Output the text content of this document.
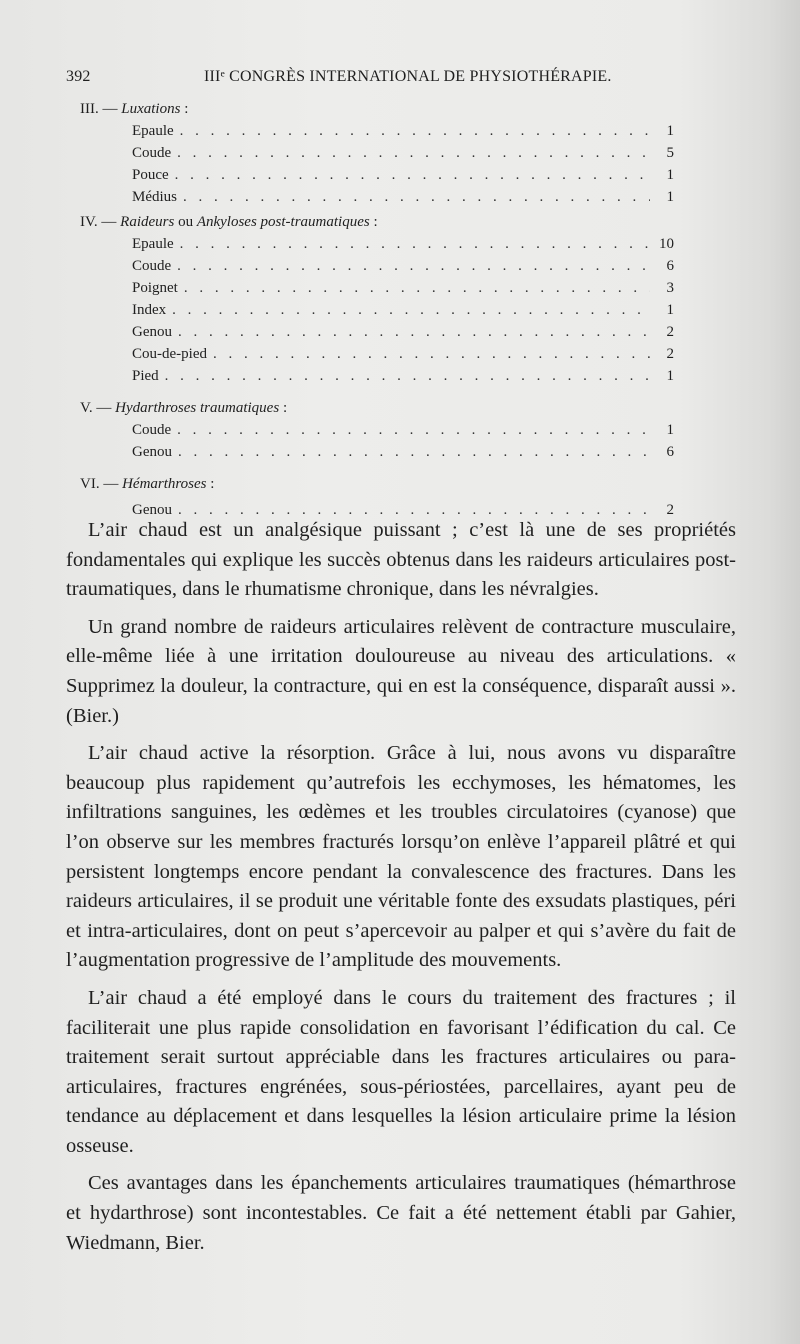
392	IIIᵉ CONGRÈS INTERNATIONAL DE PHYSIOTHÉRAPIE.
III. — Luxations :
Epaule . . .	1
Coude . . .	5
Pouce . . .	1
Médius . . .	1
IV. — Raideurs ou Ankyloses post-traumatiques :
Epaule . . .	10
Coude . . .	6
Poignet . . .	3
Index . . .	1
Genou . . .	2
Cou-de-pied . . .	2
Pied . . .	1
V. — Hydarthroses traumatiques :
Coude . . .	1
Genou . . .	6
VI. — Hémarthroses :
Genou . . .	2

L’air chaud est un analgésique puissant ; c’est là une de ses propriétés fondamentales qui explique les succès obtenus dans les raideurs articulaires post-traumatiques, dans le rhumatisme chronique, dans les névralgies.

Un grand nombre de raideurs articulaires relèvent de contracture musculaire, elle-même liée à une irritation douloureuse au niveau des articulations. « Supprimez la douleur, la contracture, qui en est la conséquence, disparaît aussi ». (Bier.)

L’air chaud active la résorption. Grâce à lui, nous avons vu disparaître beaucoup plus rapidement qu’autrefois les ecchymoses, les hématomes, les infiltrations sanguines, les œdèmes et les troubles circulatoires (cyanose) que l’on observe sur les membres fracturés lorsqu’on enlève l’appareil plâtré et qui persistent longtemps encore pendant la convalescence des fractures. Dans les raideurs articulaires, il se produit une véritable fonte des exsudats plastiques, péri et intra-articulaires, dont on peut s’apercevoir au palper et qui s’avère du fait de l’augmentation progressive de l’amplitude des mouvements.

L’air chaud a été employé dans le cours du traitement des fractures ; il faciliterait une plus rapide consolidation en favorisant l’édification du cal. Ce traitement serait surtout appréciable dans les fractures articulaires ou para-articulaires, fractures engrénées, sous-périostées, parcellaires, ayant peu de tendance au déplacement et dans lesquelles la lésion articulaire prime la lésion osseuse.

Ces avantages dans les épanchements articulaires traumatiques (hémarthrose et hydarthrose) sont incontestables. Ce fait a été nettement établi par Gahier, Wiedmann, Bier.
